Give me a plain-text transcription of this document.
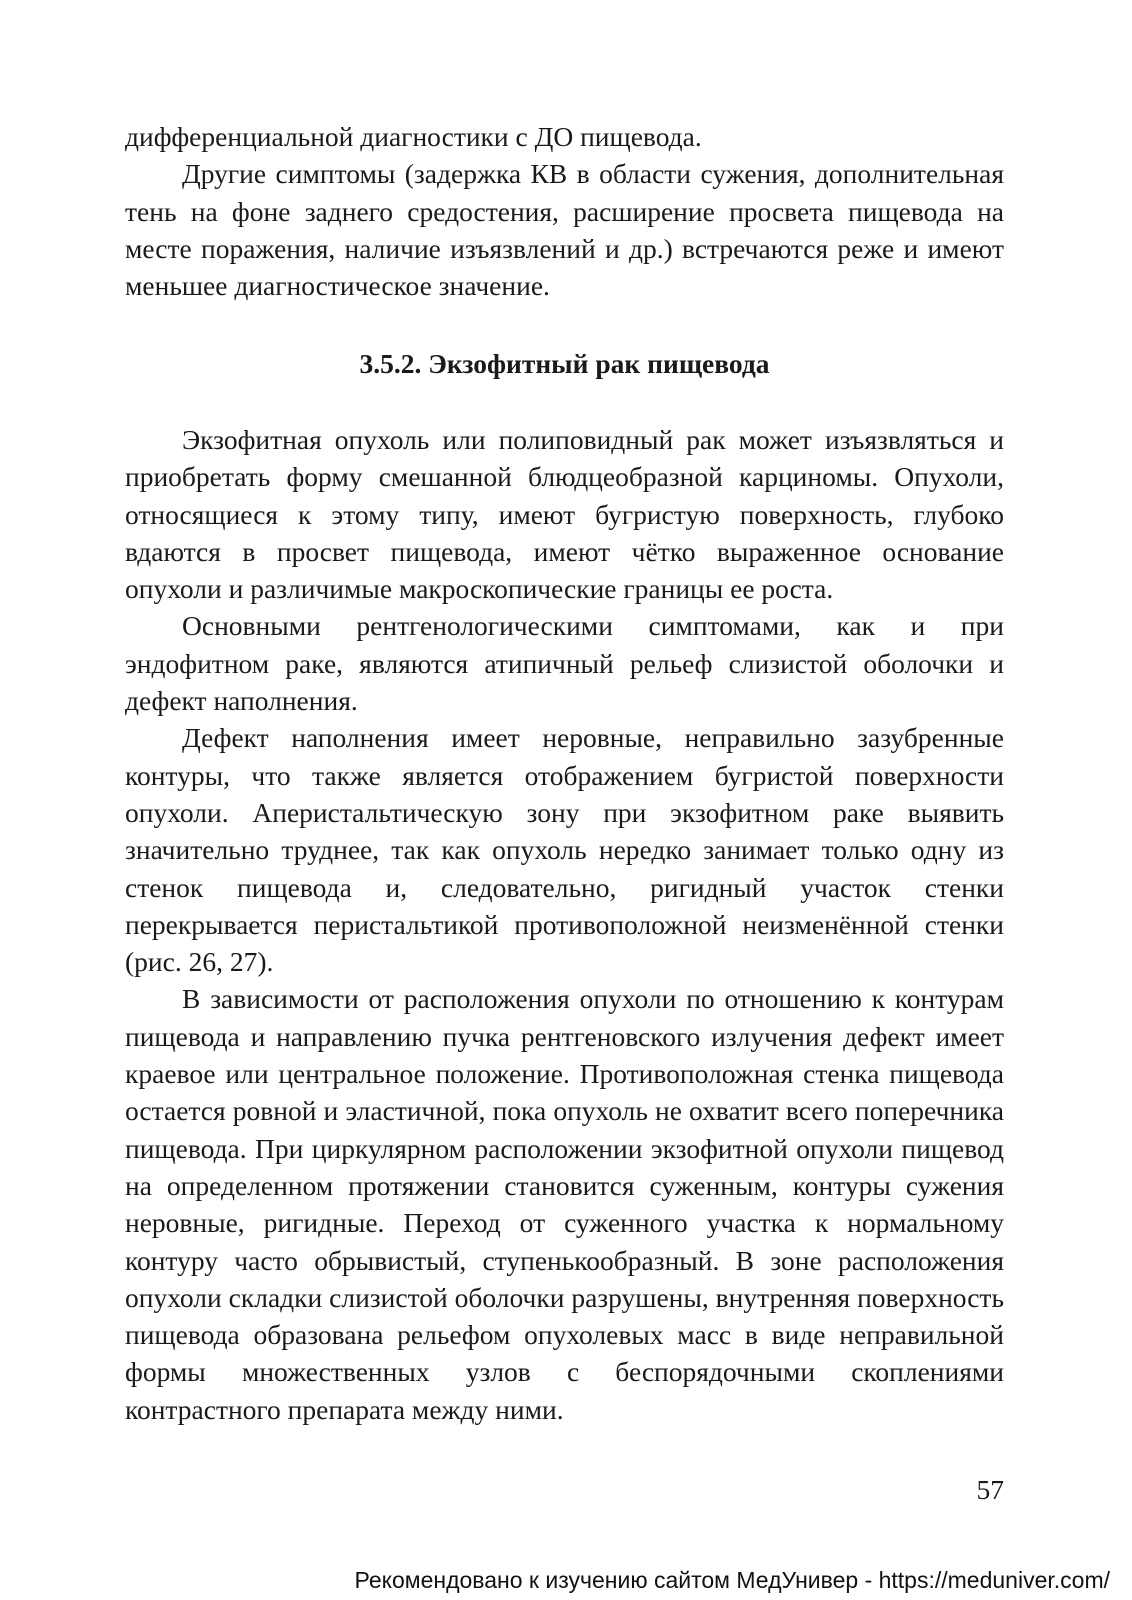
дифференциальной диагностики с ДО пищевода.

Другие симптомы (задержка КВ в области сужения, дополнительная тень на фоне заднего средостения, расширение просвета пищевода на месте поражения, наличие изъязвлений и др.) встречаются реже и имеют меньшее диагностическое значение.

3.5.2. Экзофитный рак пищевода

Экзофитная опухоль или полиповидный рак может изъязвляться и приобретать форму смешанной блюдцеобразной карциномы. Опухоли, относящиеся к этому типу, имеют бугристую поверхность, глубоко вдаются в просвет пищевода, имеют чётко выраженное основание опухоли и различимые макроскопические границы ее роста.

Основными рентгенологическими симптомами, как и при эндофитном раке, являются атипичный рельеф слизистой оболочки и дефект наполнения.

Дефект наполнения имеет неровные, неправильно зазубренные контуры, что также является отображением бугристой поверхности опухоли. Аперистальтическую зону при экзофитном раке выявить значительно труднее, так как опухоль нередко занимает только одну из стенок пищевода и, следовательно, ригидный участок стенки перекрывается перистальтикой противоположной неизменённой стенки (рис. 26, 27).

В зависимости от расположения опухоли по отношению к контурам пищевода и направлению пучка рентгеновского излучения дефект имеет краевое или центральное положение. Противоположная стенка пищевода остается ровной и эластичной, пока опухоль не охватит всего поперечника пищевода. При циркулярном расположении экзофитной опухоли пищевод на определенном протяжении становится суженным, контуры сужения неровные, ригидные. Переход от суженного участка к нормальному контуру часто обрывистый, ступенькообразный. В зоне расположения опухоли складки слизистой оболочки разрушены, внутренняя поверхность пищевода образована рельефом опухолевых масс в виде неправильной формы множественных узлов с беспорядочными скоплениями контрастного препарата между ними.

57
Рекомендовано к изучению сайтом МедУнивер - https://meduniver.com/
